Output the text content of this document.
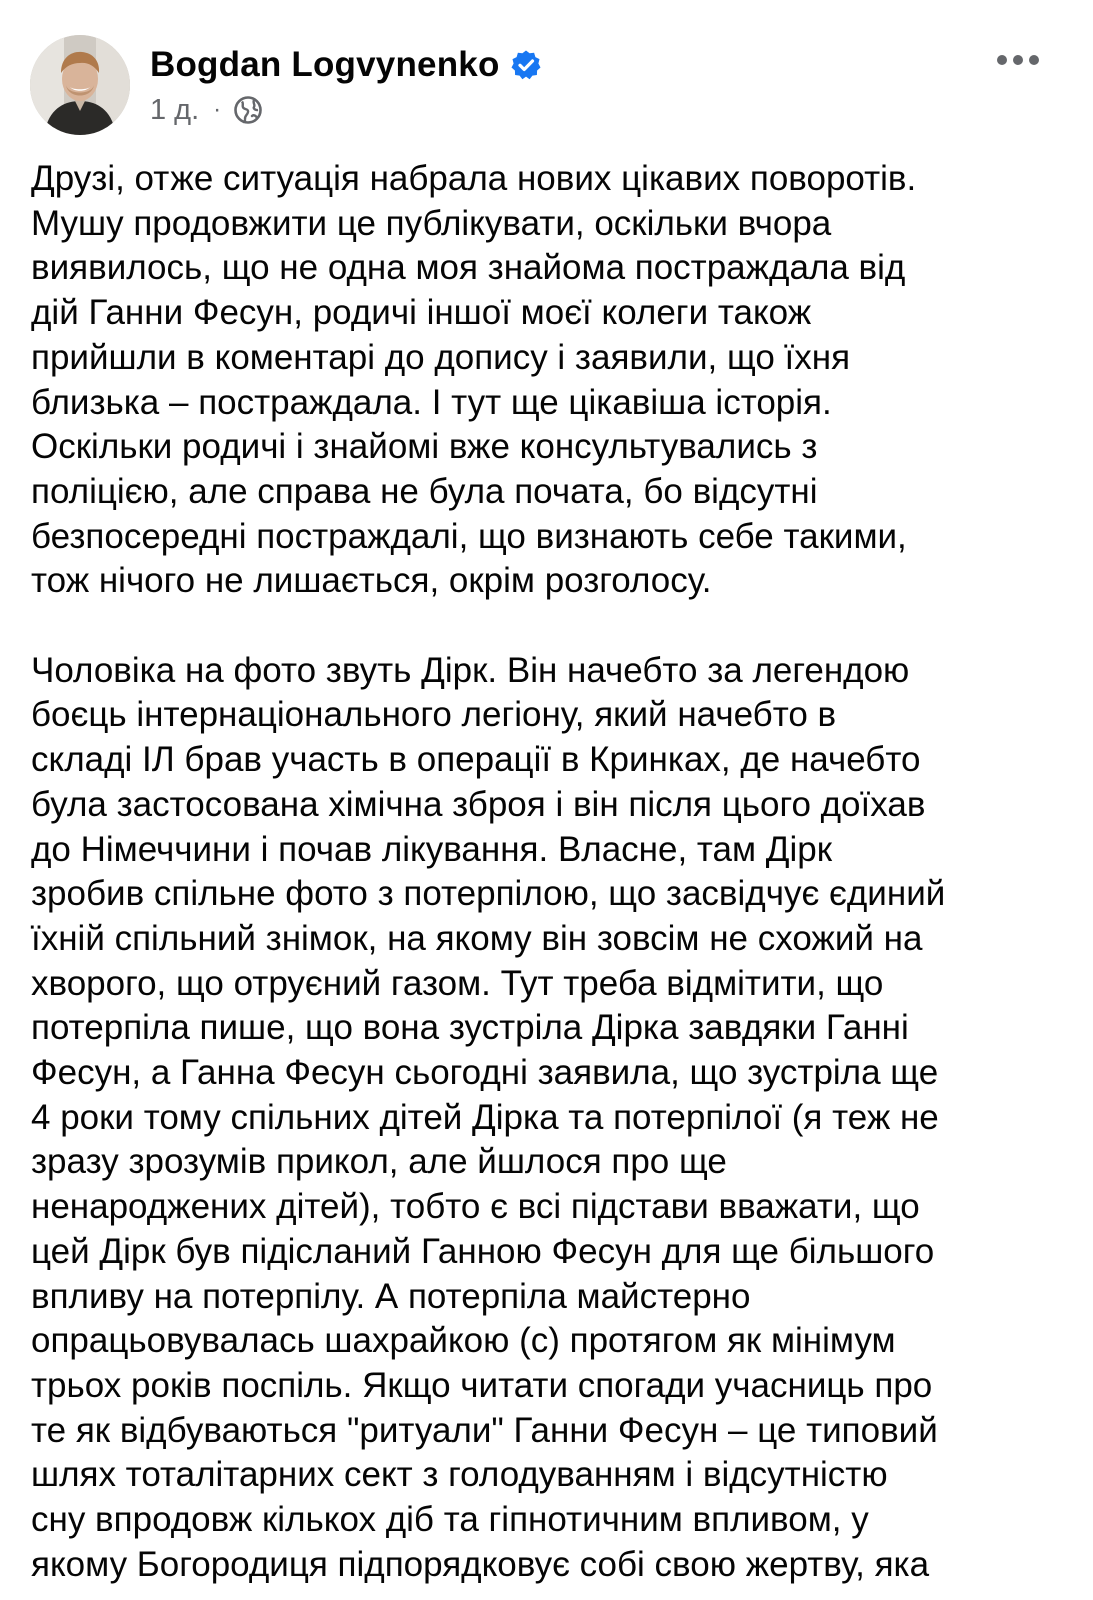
Bogdan Logvynenko
1 д. ·
Друзі, отже ситуація набрала нових цікавих поворотів.
Мушу продовжити це публікувати, оскільки вчора
виявилось, що не одна моя знайома постраждала від
дій Ганни Фесун, родичі іншої моєї колеги також
прийшли в коментарі до допису і заявили, що їхня
близька – постраждала. І тут ще цікавіша історія.
Оскільки родичі і знайомі вже консультувались з
поліцією, але справа не була почата, бо відсутні
безпосередні постраждалі, що визнають себе такими,
тож нічого не лишається, окрім розголосу.
Чоловіка на фото звуть Дірк. Він начебто за легендою
боєць інтернаціонального легіону, який начебто в
складі ІЛ брав участь в операції в Кринках, де начебто
була застосована хімічна зброя і він після цього доїхав
до Німеччини і почав лікування. Власне, там Дірк
зробив спільне фото з потерпілою, що засвідчує єдиний
їхній спільний знімок, на якому він зовсім не схожий на
хворого, що отруєний газом. Тут треба відмітити, що
потерпіла пише, що вона зустріла Дірка завдяки Ганні
Фесун, а Ганна Фесун сьогодні заявила, що зустріла ще
4 роки тому спільних дітей Дірка та потерпілої (я теж не
зразу зрозумів прикол, але йшлося про ще
ненароджених дітей), тобто є всі підстави вважати, що
цей Дірк був підісланий Ганною Фесун для ще більшого
впливу на потерпілу. А потерпіла майстерно
опрацьовувалась шахрайкою (с) протягом як мінімум
трьох років поспіль. Якщо читати спогади учасниць про
те як відбуваються "ритуали" Ганни Фесун – це типовий
шлях тоталітарних сект з голодуванням і відсутністю
сну впродовж кількох діб та гіпнотичним впливом, у
якому Богородиця підпорядковує собі свою жертву, яка
